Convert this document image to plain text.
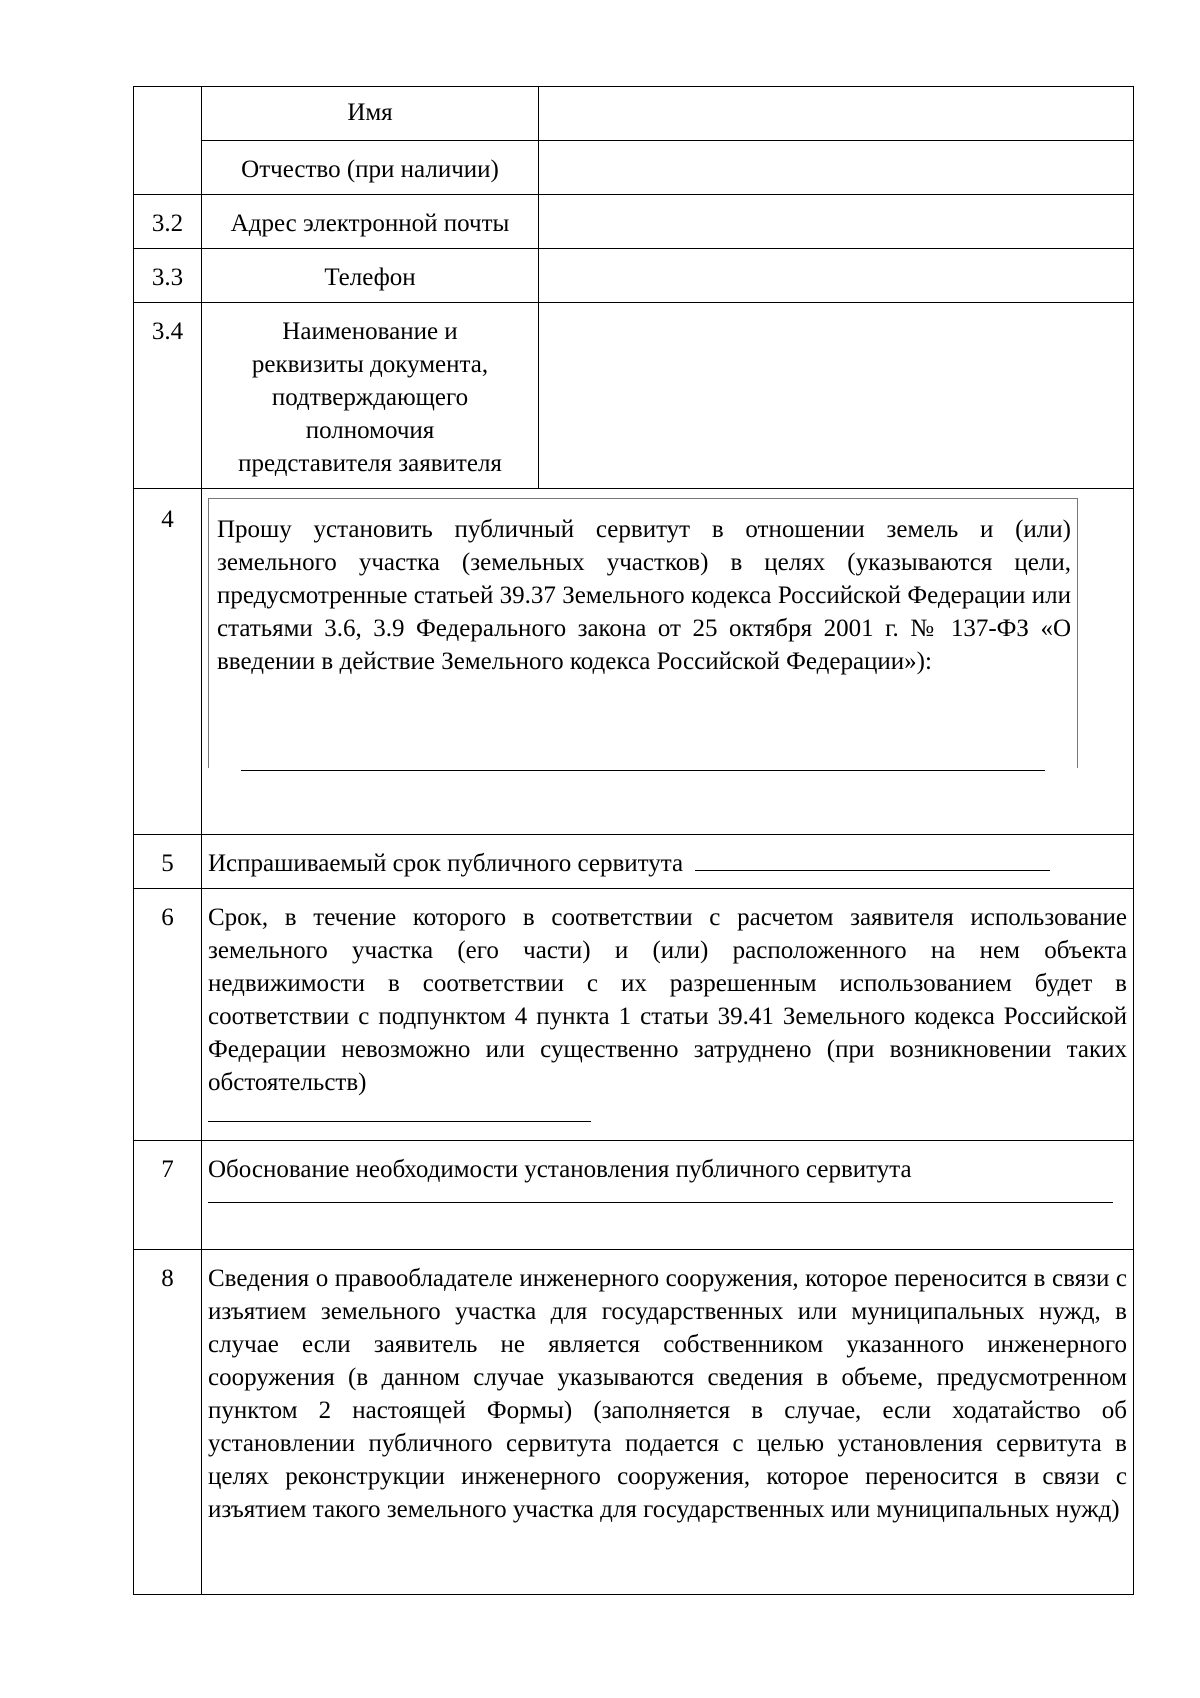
	Имя	
	Отчество (при наличии)	
3.2	Адрес электронной почты	
3.3	Телефон	
3.4	Наименование и
реквизиты документа,
подтверждающего
полномочия
представителя заявителя	

4	Прошу установить публичный сервитут в отношении земель и (или) земельного участка (земельных участков) в целях (указываются цели, предусмотренные статьей 39.37 Земельного кодекса Российской Федерации или статьями 3.6, 3.9 Федерального закона от 25 октября 2001 г. № 137-ФЗ «О введении в действие Земельного кодекса Российской Федерации»):	

5	Испрашиваемый срок публичного сервитута	
6	Срок, в течение которого в соответствии с расчетом заявителя использование земельного участка (его части) и (или) расположенного на нем объекта недвижимости в соответствии с их разрешенным использованием будет в соответствии с подпунктом 4 пункта 1 статьи 39.41 Земельного кодекса Российской Федерации невозможно или существенно затруднено (при возникновении таких обстоятельств)	

7	Обоснование необходимости установления публичного сервитута	

8	Сведения о правообладателе инженерного сооружения, которое переносится в связи с изъятием земельного участка для государственных или муниципальных нужд, в случае если заявитель не является собственником указанного инженерного сооружения (в данном случае указываются сведения в объеме, предусмотренном пунктом 2 настоящей Формы) (заполняется в случае, если ходатайство об установлении публичного сервитута подается с целью установления сервитута в целях реконструкции инженерного сооружения, которое переносится в связи с изъятием такого земельного участка для государственных или муниципальных нужд)	
